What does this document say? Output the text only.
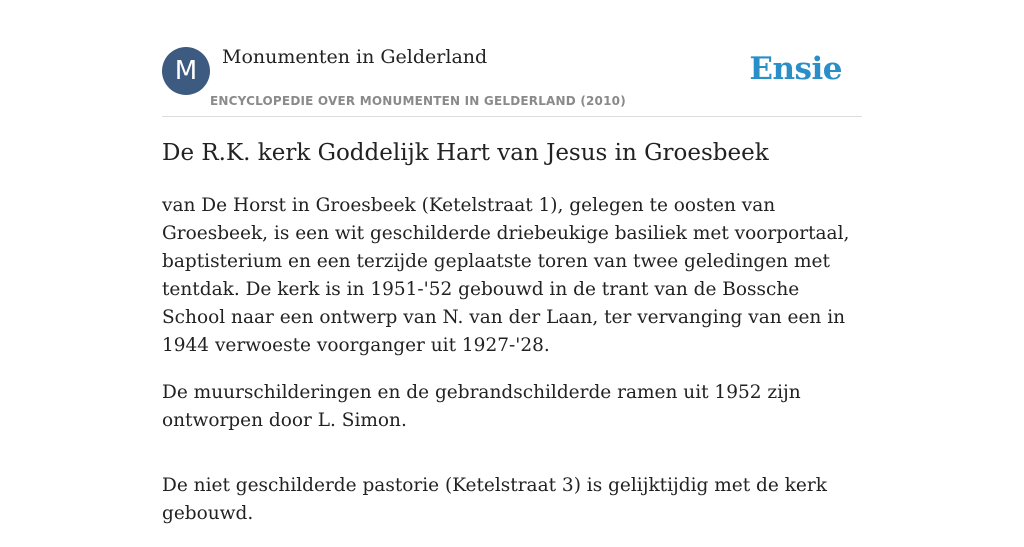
M	Monumenten in Gelderland
ENCYCLOPEDIE OVER MONUMENTEN IN GELDERLAND (2010)
Ensie
De R.K. kerk Goddelijk Hart van Jesus in Groesbeek

van De Horst in Groesbeek (Ketelstraat 1), gelegen te oosten van Groesbeek, is een wit geschilderde driebeukige basiliek met voorportaal, baptisterium en een terzijde geplaatste toren van twee geledingen met tentdak. De kerk is in 1951-'52 gebouwd in de trant van de Bossche School naar een ontwerp van N. van der Laan, ter vervanging van een in 1944 verwoeste voorganger uit 1927-'28.

De muurschilderingen en de gebrandschilderde ramen uit 1952 zijn ontworpen door L. Simon.

De niet geschilderde pastorie (Ketelstraat 3) is gelijktijdig met de kerk gebouwd.
